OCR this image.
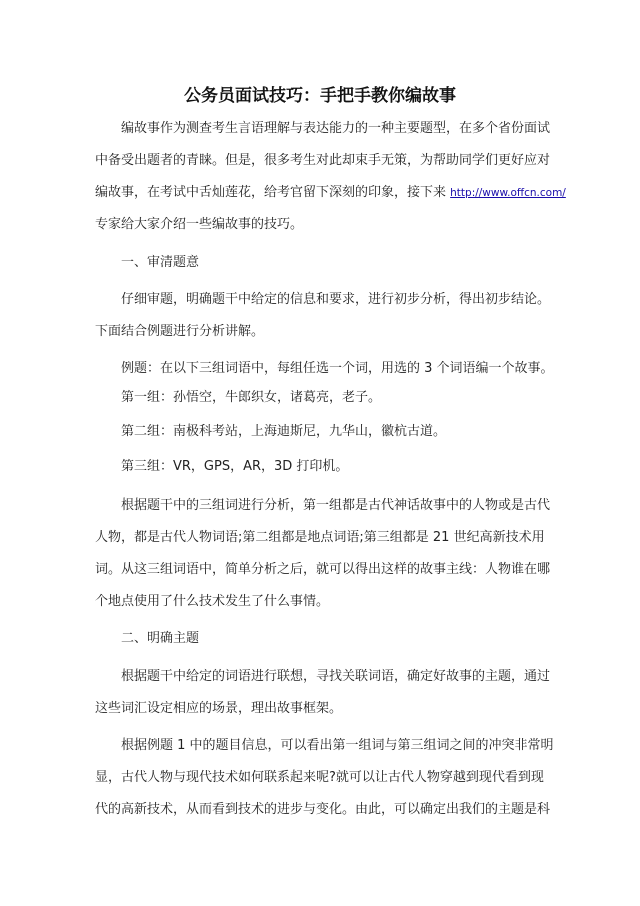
公务员面试技巧：手把手教你编故事
编故事作为测查考生言语理解与表达能力的一种主要题型，在多个省份面试
中备受出题者的青睐。但是，很多考生对此却束手无策，为帮助同学们更好应对
编故事，在考试中舌灿莲花，给考官留下深刻的印象，接下来 http://www.offcn.com/
专家给大家介绍一些编故事的技巧。
一、审清题意
仔细审题，明确题干中给定的信息和要求，进行初步分析，得出初步结论。
下面结合例题进行分析讲解。
例题：在以下三组词语中，每组任选一个词，用选的 3 个词语编一个故事。
第一组：孙悟空，牛郎织女，诸葛亮，老子。
第二组：南极科考站，上海迪斯尼，九华山，徽杭古道。
第三组：VR，GPS，AR，3D 打印机。
根据题干中的三组词进行分析，第一组都是古代神话故事中的人物或是古代
人物，都是古代人物词语;第二组都是地点词语;第三组都是 21 世纪高新技术用
词。从这三组词语中，简单分析之后，就可以得出这样的故事主线：人物谁在哪
个地点使用了什么技术发生了什么事情。
二、明确主题
根据题干中给定的词语进行联想，寻找关联词语，确定好故事的主题，通过
这些词汇设定相应的场景，理出故事框架。
根据例题 1 中的题目信息，可以看出第一组词与第三组词之间的冲突非常明
显，古代人物与现代技术如何联系起来呢?就可以让古代人物穿越到现代看到现
代的高新技术，从而看到技术的进步与变化。由此，可以确定出我们的主题是科
